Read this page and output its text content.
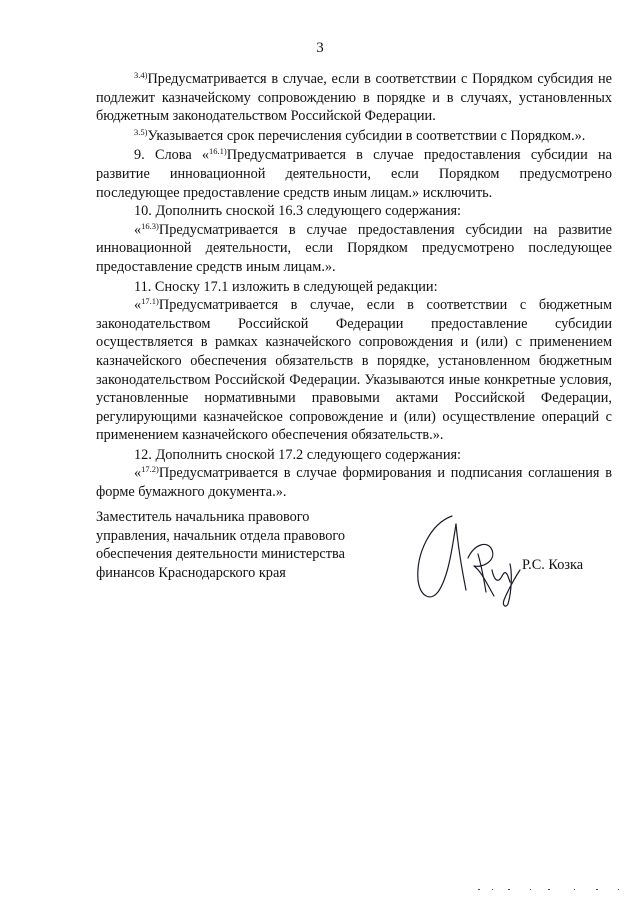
3

$^{3.4)}$Предусматривается в случае, если в соответствии с Порядком субсидия не подлежит казначейскому сопровождению в порядке и в случаях, установленных бюджетным законодательством Российской Федерации.

$^{3.5)}$Указывается срок перечисления субсидии в соответствии с Порядком.».

9. Слова «$^{16.1)}$Предусматривается в случае предоставления субсидии на развитие инновационной деятельности, если Порядком предусмотрено последующее предоставление средств иным лицам.» исключить.

10. Дополнить сноской 16.3 следующего содержания:

«$^{16.3)}$Предусматривается в случае предоставления субсидии на развитие инновационной деятельности, если Порядком предусмотрено последующее предоставление средств иным лицам.».

11. Сноску 17.1 изложить в следующей редакции:

«$^{17.1)}$Предусматривается в случае, если в соответствии с бюджетным законодательством Российской Федерации предоставление субсидии осуществляется в рамках казначейского сопровождения и (или) с применением казначейского обеспечения обязательств в порядке, установленном бюджетным законодательством Российской Федерации. Указываются иные конкретные условия, установленные нормативными правовыми актами Российской Федерации, регулирующими казначейское сопровождение и (или) осуществление операций с применением казначейского обеспечения обязательств.».

12. Дополнить сноской 17.2 следующего содержания:

«$^{17.2)}$Предусматривается в случае формирования и подписания соглашения в форме бумажного документа.».

Заместитель начальника правового
управления, начальник отдела правового
обеспечения деятельности министерства
финансов Краснодарского края	Р.С. Козка
